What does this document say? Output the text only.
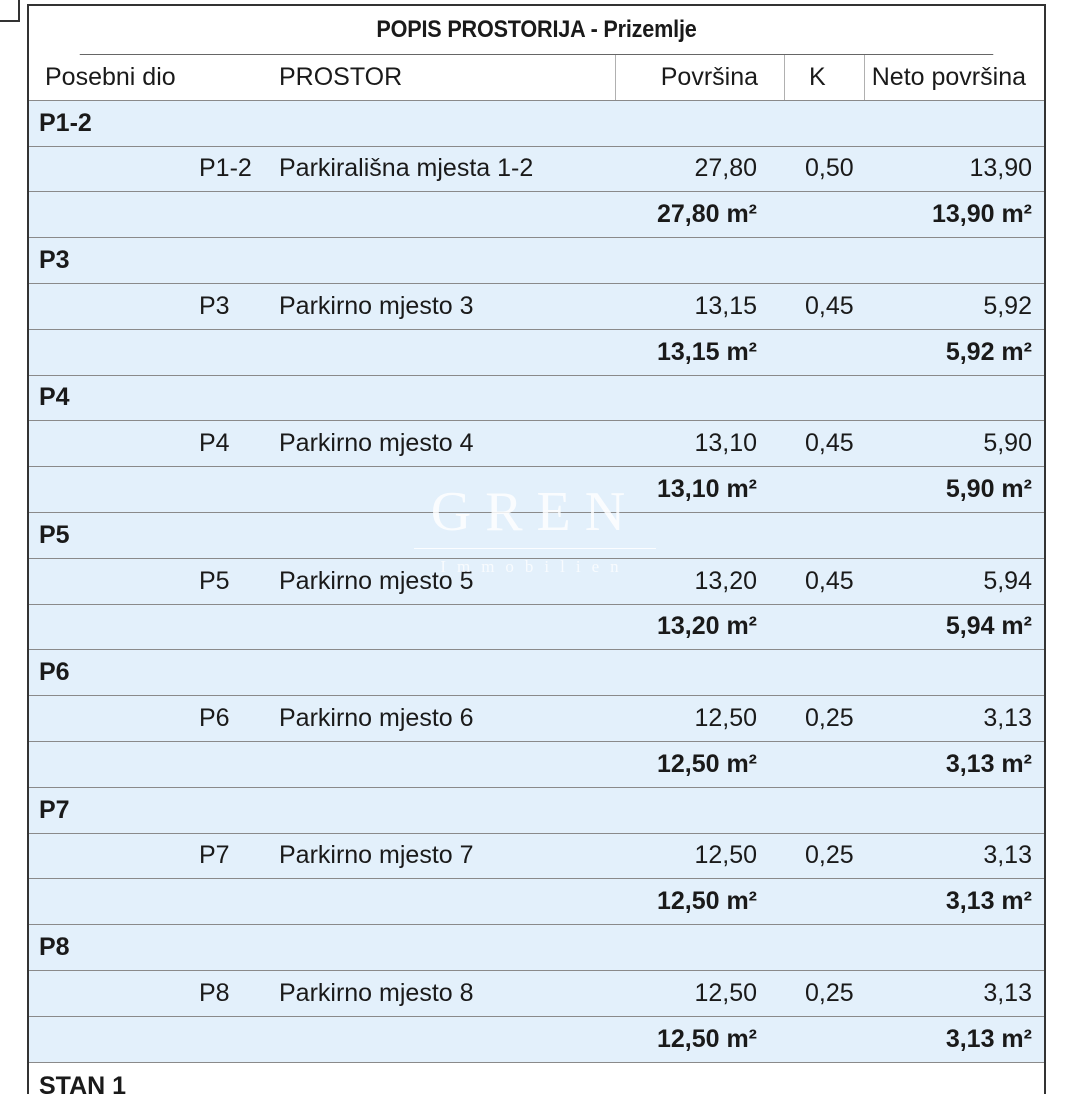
POPIS PROSTORIJA - Prizemlje
Posebni dio	PROSTOR	Površina K Neto površina
P1-2
P1-2 Parkirališna mjesta 1-2	27,80 0,50	13,90
27,80 m²	13,90 m²
P3
P3 Parkirno mjesto 3	13,15 0,45	5,92
13,15 m²	5,92 m²
P4
P4 Parkirno mjesto 4	13,10 0,45	5,90
13,10 m²	5,90 m²
P5
P5 Parkirno mjesto 5	13,20 0,45	5,94
13,20 m²	5,94 m²
P6
P6 Parkirno mjesto 6	12,50 0,25	3,13
12,50 m²	3,13 m²
P7
P7 Parkirno mjesto 7	12,50 0,25	3,13
12,50 m²	3,13 m²
P8
P8 Parkirno mjesto 8	12,50 0,25	3,13
12,50 m²	3,13 m²
STAN 1
GREN
Immobilien
